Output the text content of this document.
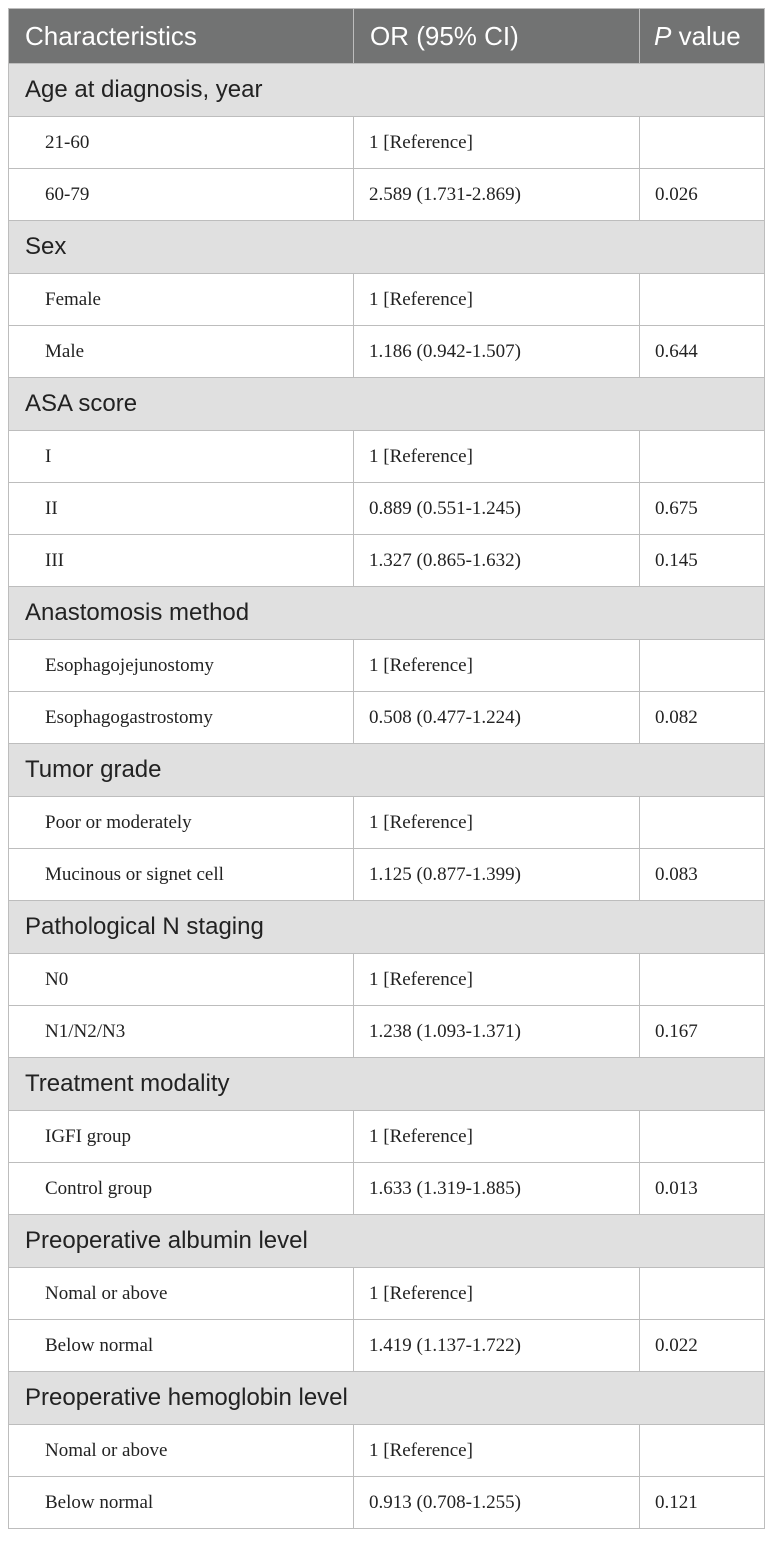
Characteristics	OR (95% CI)	P value
Age at diagnosis, year		
21-60	1 [Reference]	
60-79	2.589 (1.731-2.869)	0.026
Sex		
Female	1 [Reference]	
Male	1.186 (0.942-1.507)	0.644
ASA score		
I	1 [Reference]	
II	0.889 (0.551-1.245)	0.675
III	1.327 (0.865-1.632)	0.145
Anastomosis method		
Esophagojejunostomy	1 [Reference]	
Esophagogastrostomy	0.508 (0.477-1.224)	0.082
Tumor grade		
Poor or moderately	1 [Reference]	
Mucinous or signet cell	1.125 (0.877-1.399)	0.083
Pathological N staging		
N0	1 [Reference]	
N1/N2/N3	1.238 (1.093-1.371)	0.167
Treatment modality		
IGFI group	1 [Reference]	
Control group	1.633 (1.319-1.885)	0.013
Preoperative albumin level		
Nomal or above	1 [Reference]	
Below normal	1.419 (1.137-1.722)	0.022
Preoperative hemoglobin level		
Nomal or above	1 [Reference]	
Below normal	0.913 (0.708-1.255)	0.121
